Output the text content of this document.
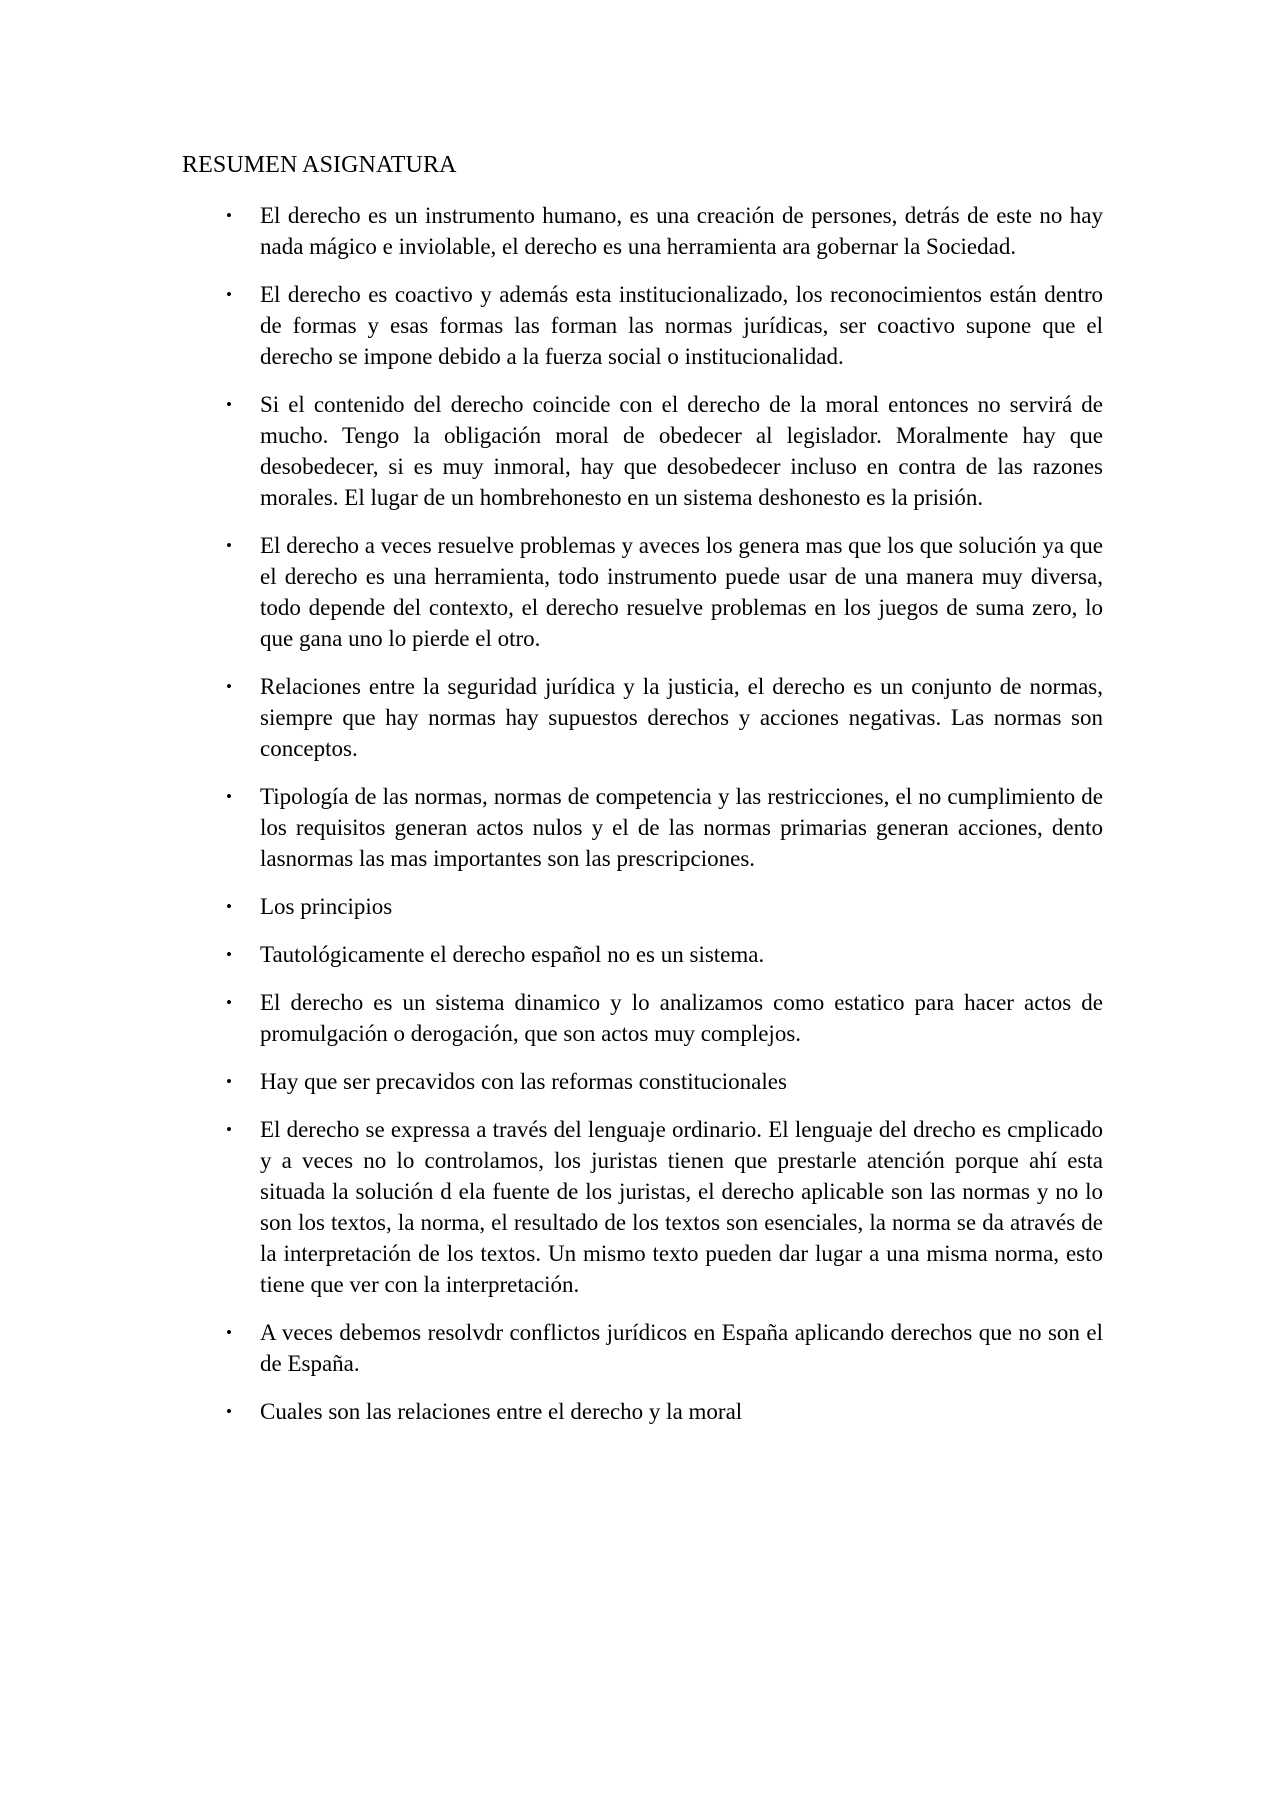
RESUMEN ASIGNATURA
• El derecho es un instrumento humano, es una creación de persones, detrás de este no hay nada mágico e inviolable, el derecho es una herramienta ara gobernar la Sociedad.
• El derecho es coactivo y además esta institucionalizado, los reconocimientos están dentro de formas y esas formas las forman las normas jurídicas, ser coactivo supone que el derecho se impone debido a la fuerza social o institucionalidad.
• Si el contenido del derecho coincide con el derecho de la moral entonces no servirá de mucho. Tengo la obligación moral de obedecer al legislador. Moralmente hay que desobedecer, si es muy inmoral, hay que desobedecer incluso en contra de las razones morales. El lugar de un hombrehonesto en un sistema deshonesto es la prisión.
• El derecho a veces resuelve problemas y aveces los genera mas que los que solución ya que el derecho es una herramienta, todo instrumento puede usar de una manera muy diversa, todo depende del contexto, el derecho resuelve problemas en los juegos de suma zero, lo que gana uno lo pierde el otro.
• Relaciones entre la seguridad jurídica y la justicia, el derecho es un conjunto de normas, siempre que hay normas hay supuestos derechos y acciones negativas. Las normas son conceptos.
• Tipología de las normas, normas de competencia y las restricciones, el no cumplimiento de los requisitos generan actos nulos y el de las normas primarias generan acciones, dento lasnormas las mas importantes son las prescripciones.
• Los principios
• Tautológicamente el derecho español no es un sistema.
• El derecho es un sistema dinamico y lo analizamos como estatico para hacer actos de promulgación o derogación, que son actos muy complejos.
• Hay que ser precavidos con las reformas constitucionales
• El derecho se expressa a través del lenguaje ordinario. El lenguaje del drecho es cmplicado y a veces no lo controlamos, los juristas tienen que prestarle atención porque ahí esta situada la solución d ela fuente de los juristas, el derecho aplicable son las normas y no lo son los textos, la norma, el resultado de los textos son esenciales, la norma se da através de la interpretación de los textos. Un mismo texto pueden dar lugar a una misma norma, esto tiene que ver con la interpretación.
• A veces debemos resolvdr conflictos jurídicos en España aplicando derechos que no son el de España.
• Cuales son las relaciones entre el derecho y la moral
